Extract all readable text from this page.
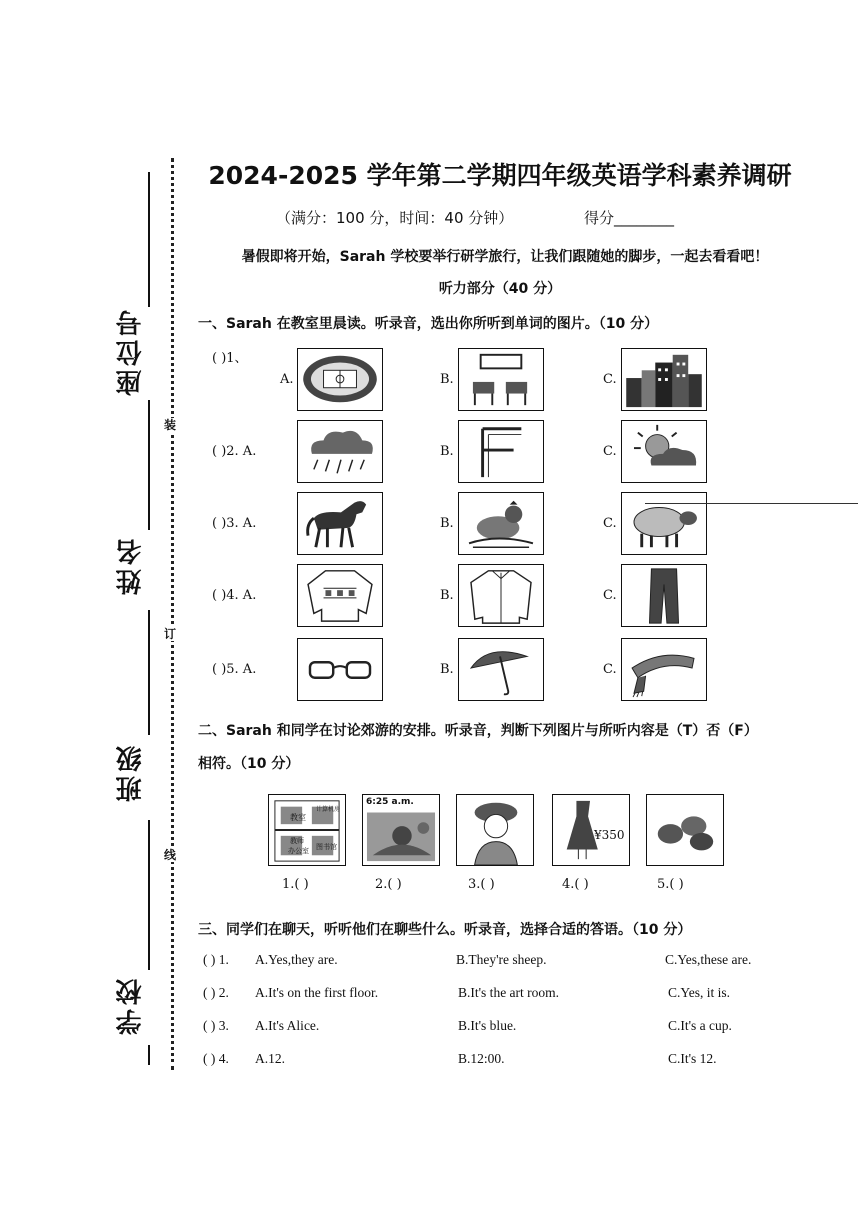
座位号
姓名
班级
学校
装
订
线
2024-2025 学年第二学期四年级英语学科素养调研
（满分：100 分，时间：40 分钟）	得分________
暑假即将开始，Sarah 学校要举行研学旅行，让我们跟随她的脚步，一起去看看吧！
听力部分（40 分）
一、Sarah 在教室里晨读。听录音，选出你所听到单词的图片。（10 分）
( )1、
A.	B.	C.
( )2. A.	B.	C.
( )3. A.	B.	C.
( )4. A.	B.	C.
( )5. A.	B.	C.
二、Sarah 和同学在讨论郊游的安排。听录音，判断下列图片与所听内容是（T）否（F）
相符。（10 分）
教室
计算机房
教师
办公室 图书馆
6:25 a.m.
¥350
1.( )	2.( )	3.( )	4.( )	5.( )
三、同学们在聊天，听听他们在聊些什么。听录音，选择合适的答语。（10 分）
( ) 1. A.Yes,they are.	B.They're sheep.	C.Yes,these are.
( ) 2. A.It's on the first floor.	B.It's the art room.	C.Yes, it is.
( ) 3. A.It's Alice.	B.It's blue.	C.It's a cup.
( ) 4. A.12.	B.12:00.	C.It's 12.
